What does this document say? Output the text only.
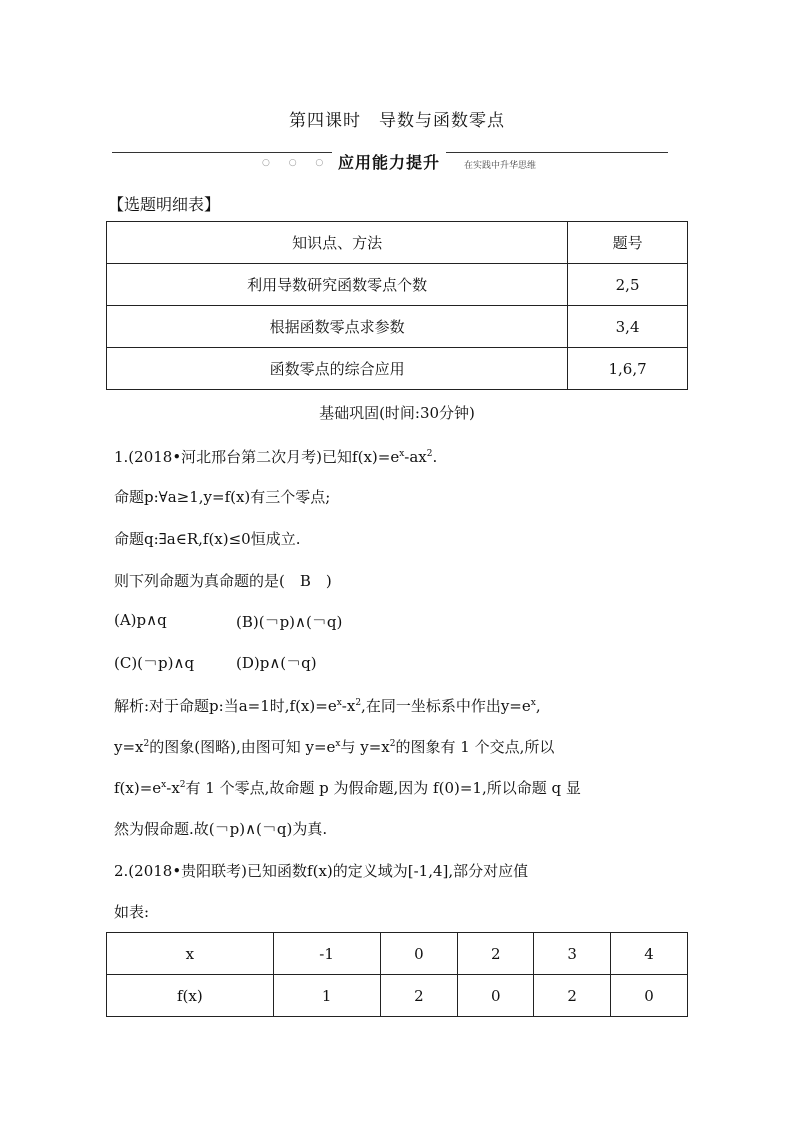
第四课时　导数与函数零点
○ ○ ○ 应用能力提升	在实践中升华思维
【选题明细表】
知识点、方法	题号
利用导数研究函数零点个数	2,5
根据函数零点求参数	3,4
函数零点的综合应用	1,6,7
基础巩固(时间:30分钟)
1.(2018•河北邢台第二次月考)已知$f(x)=e^x-ax^2$.
命题p:∀a≥1,y=f(x)有三个零点;
命题q:∃a∈R,f(x)≤0恒成立.
则下列命题为真命题的是(　B　)
(A)p∧q	(B)(￢p)∧(￢q)
(C)(￢p)∧q	(D)p∧(￢q)
解析:对于命题p:当a=1时$,f(x)=e^x-x^2$,在同一坐标系中作出$y=e^x$,
$y=x^2$的图象(图略),由图可知 $y=e^x$与 $y=x^2$的图象有 1 个交点,所以
$f(x)=e^x-x^2$有 1 个零点,故命题 p 为假命题,因为 f(0)=1,所以命题 q 显
然为假命题.故(￢p)∧(￢q)为真.
2.(2018•贵阳联考)已知函数f(x)的定义域为[-1,4],部分对应值
如表:
x	-1	0	2	3	4
f(x)	1	2	0	2	0
